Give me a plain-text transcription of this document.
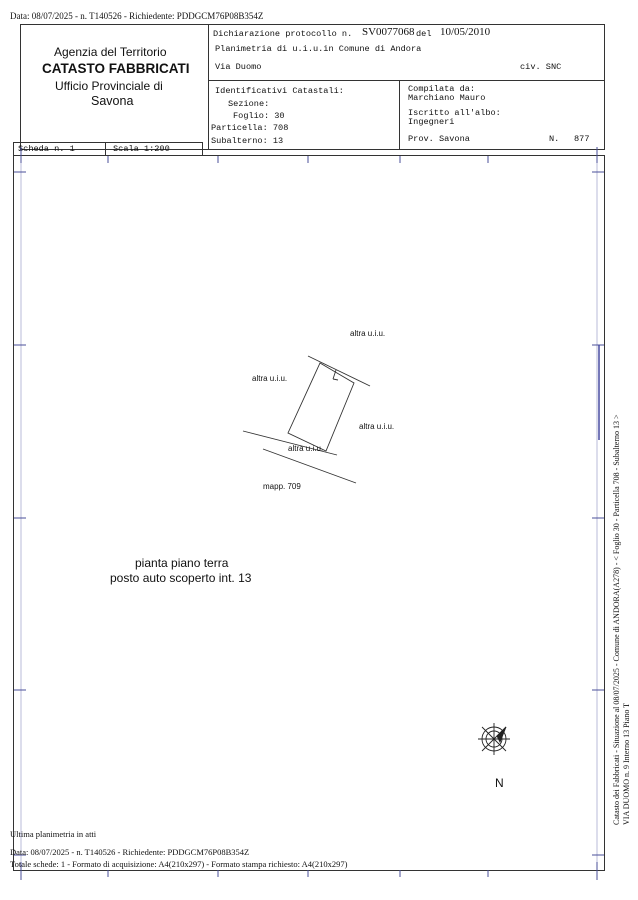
Data: 08/07/2025 - n. T140526 - Richiedente: PDDGCM76P08B354Z
Agenzia del Territorio
CATASTO FABBRICATI
Ufficio Provinciale di
Savona
Dichiarazione protocollo n. SV0077068 del 10/05/2010
Planimetria di u.i.u.in Comune di Andora
Via Duomo	civ. SNC
Identificativi Catastali:
Sezione:
Foglio: 30
Particella: 708
Subalterno: 13
Compilata da:
Marchiano Mauro
Iscritto all'albo:
Ingegneri
Prov. Savona	N. 877
Scheda n. 1	Scala 1:200
altra u.i.u.
altra u.i.u.
altra u.i.u.
altra u.i.u.
mapp. 709
pianta piano terra
posto auto scoperto int. 13
N	Catasto dei Fabbricati - Situazione al 08/07/2025 - Comune di ANDORA(A278) - < Foglio 30 - Particella 708 - Subalterno 13 > VIA DUOMO n. 9 Interno 13 Piano T
Ultima planimetria in atti
Data: 08/07/2025 - n. T140526 - Richiedente: PDDGCM76P08B354Z
Totale schede: 1 - Formato di acquisizione: A4(210x297) - Formato stampa richiesto: A4(210x297)
